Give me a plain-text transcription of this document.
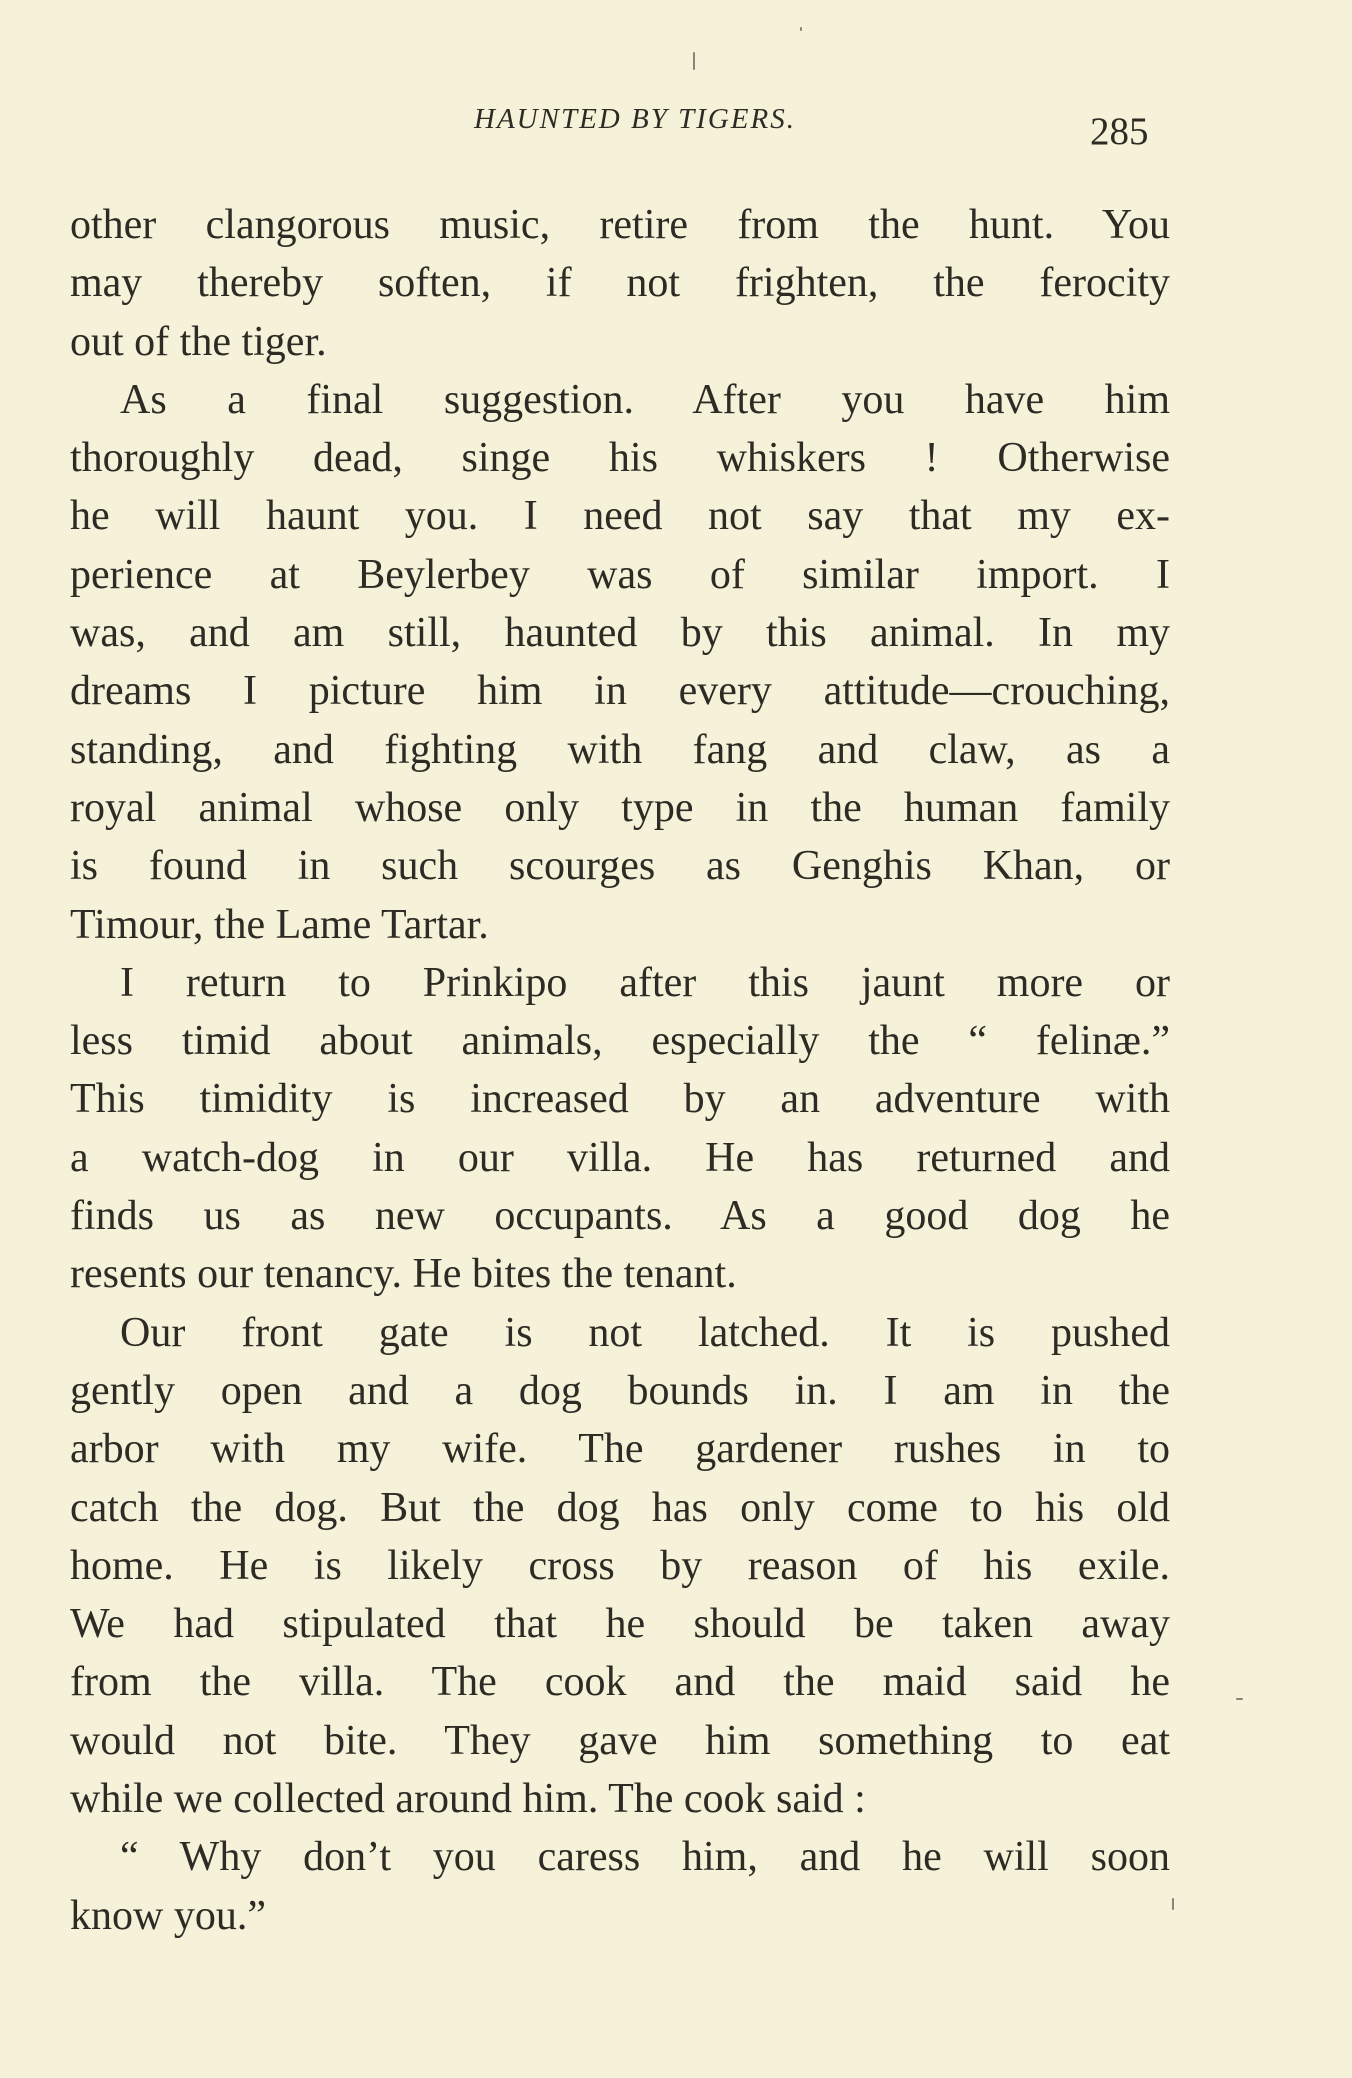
HAUNTED BY TIGERS.	285
other clangorous music, retire from the hunt. You
may thereby soften, if not frighten, the ferocity
out of the tiger.
As a final suggestion. After you have him
thoroughly dead, singe his whiskers ! Otherwise
he will haunt you. I need not say that my ex-
perience at Beylerbey was of similar import. I
was, and am still, haunted by this animal. In my
dreams I picture him in every attitude—crouching,
standing, and fighting with fang and claw, as a
royal animal whose only type in the human family
is found in such scourges as Genghis Khan, or
Timour, the Lame Tartar.
I return to Prinkipo after this jaunt more or
less timid about animals, especially the “ felinæ.”
This timidity is increased by an adventure with
a watch-dog in our villa. He has returned and
finds us as new occupants. As a good dog he
resents our tenancy. He bites the tenant.
Our front gate is not latched. It is pushed
gently open and a dog bounds in. I am in the
arbor with my wife. The gardener rushes in to
catch the dog. But the dog has only come to his old
home. He is likely cross by reason of his exile.
We had stipulated that he should be taken away
from the villa. The cook and the maid said he
would not bite. They gave him something to eat
while we collected around him. The cook said :
“ Why don’t you caress him, and he will soon
know you.”
